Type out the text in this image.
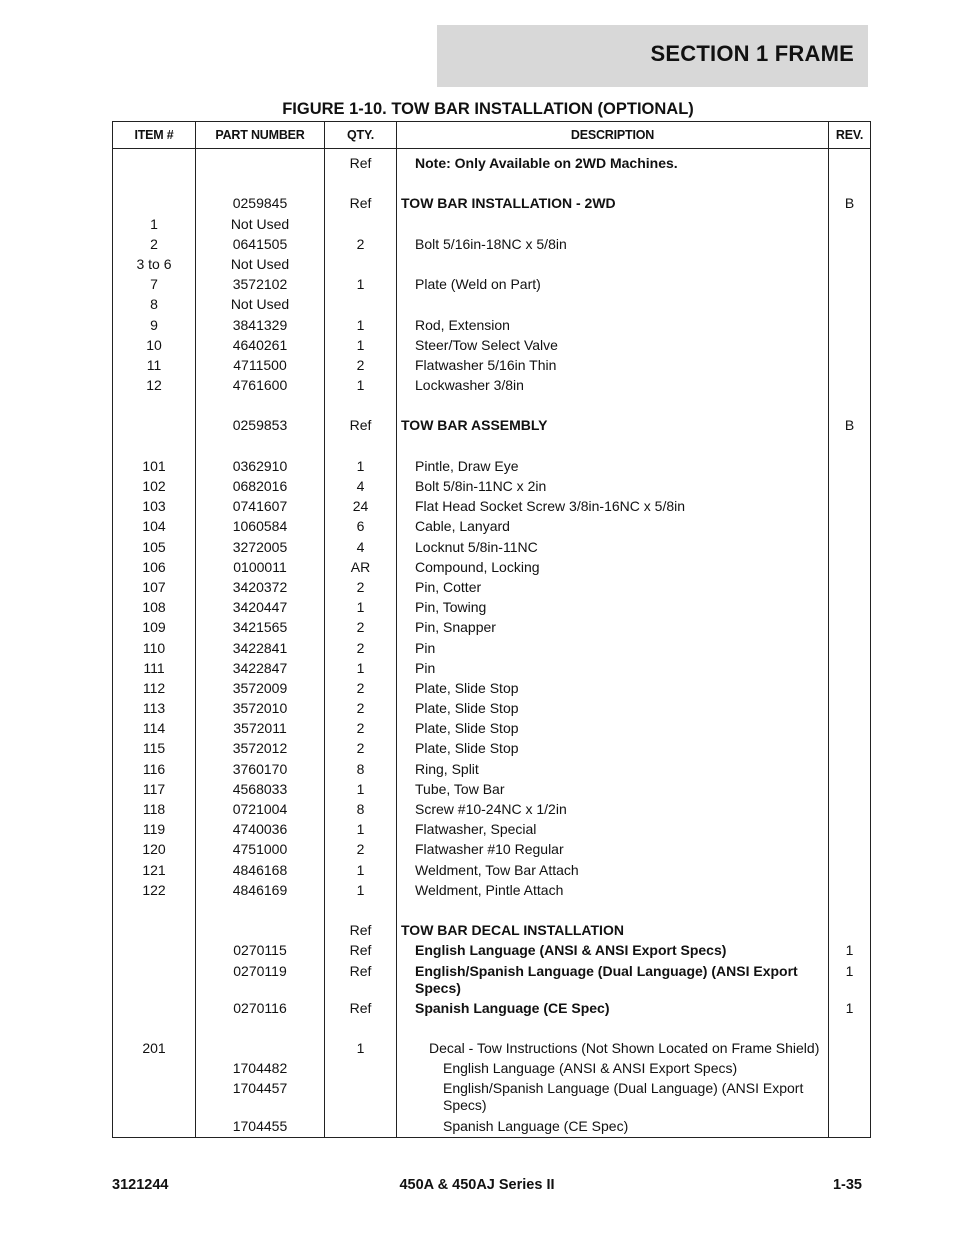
SECTION 1 FRAME
FIGURE 1-10. TOW BAR INSTALLATION (OPTIONAL)
ITEM #	PART NUMBER	QTY.	DESCRIPTION	REV.
		Ref	Note: Only Available on 2WD Machines.	

	0259845	Ref	TOW BAR INSTALLATION - 2WD	B
1	Not Used		

2	0641505	2	Bolt 5/16in-18NC x 5/8in	

3 to 6	Not Used		

7	3572102	1	Plate (Weld on Part)	

8	Not Used		

9	3841329	1	Rod, Extension	

10	4640261	1	Steer/Tow Select Valve	

11	4711500	2	Flatwasher 5/16in Thin	

12	4761600	1	Lockwasher 3/8in	

	0259853	Ref	TOW BAR ASSEMBLY	B

101	0362910	1	Pintle, Draw Eye	

102	0682016	4	Bolt 5/8in-11NC x 2in	

103	0741607	24	Flat Head Socket Screw 3/8in-16NC x 5/8in	

104	1060584	6	Cable, Lanyard	

105	3272005	4	Locknut 5/8in-11NC	

106	0100011	AR	Compound, Locking	

107	3420372	2	Pin, Cotter	

108	3420447	1	Pin, Towing	

109	3421565	2	Pin, Snapper	

110	3422841	2	Pin	

111	3422847	1	Pin	

112	3572009	2	Plate, Slide Stop	

113	3572010	2	Plate, Slide Stop	

114	3572011	2	Plate, Slide Stop	

115	3572012	2	Plate, Slide Stop	

116	3760170	8	Ring, Split	

117	4568033	1	Tube, Tow Bar	

118	0721004	8	Screw #10-24NC x 1/2in	

119	4740036	1	Flatwasher, Special	

120	4751000	2	Flatwasher #10 Regular	

121	4846168	1	Weldment, Tow Bar Attach	

122	4846169	1	Weldment, Pintle Attach	

		Ref	TOW BAR DECAL INSTALLATION	

	0270115	Ref	English Language (ANSI & ANSI Export Specs)	1
	0270119	Ref	English/Spanish Language (Dual Language) (ANSI Export Specs)	1
	0270116	Ref	Spanish Language (CE Spec)	1

201		1	Decal - Tow Instructions (Not Shown Located on Frame Shield)	

	1704482		English Language (ANSI & ANSI Export Specs)	

	1704457		English/Spanish Language (Dual Language) (ANSI Export Specs)	

	1704455		Spanish Language (CE Spec)	

3121244	450A & 450AJ Series II	1-35
